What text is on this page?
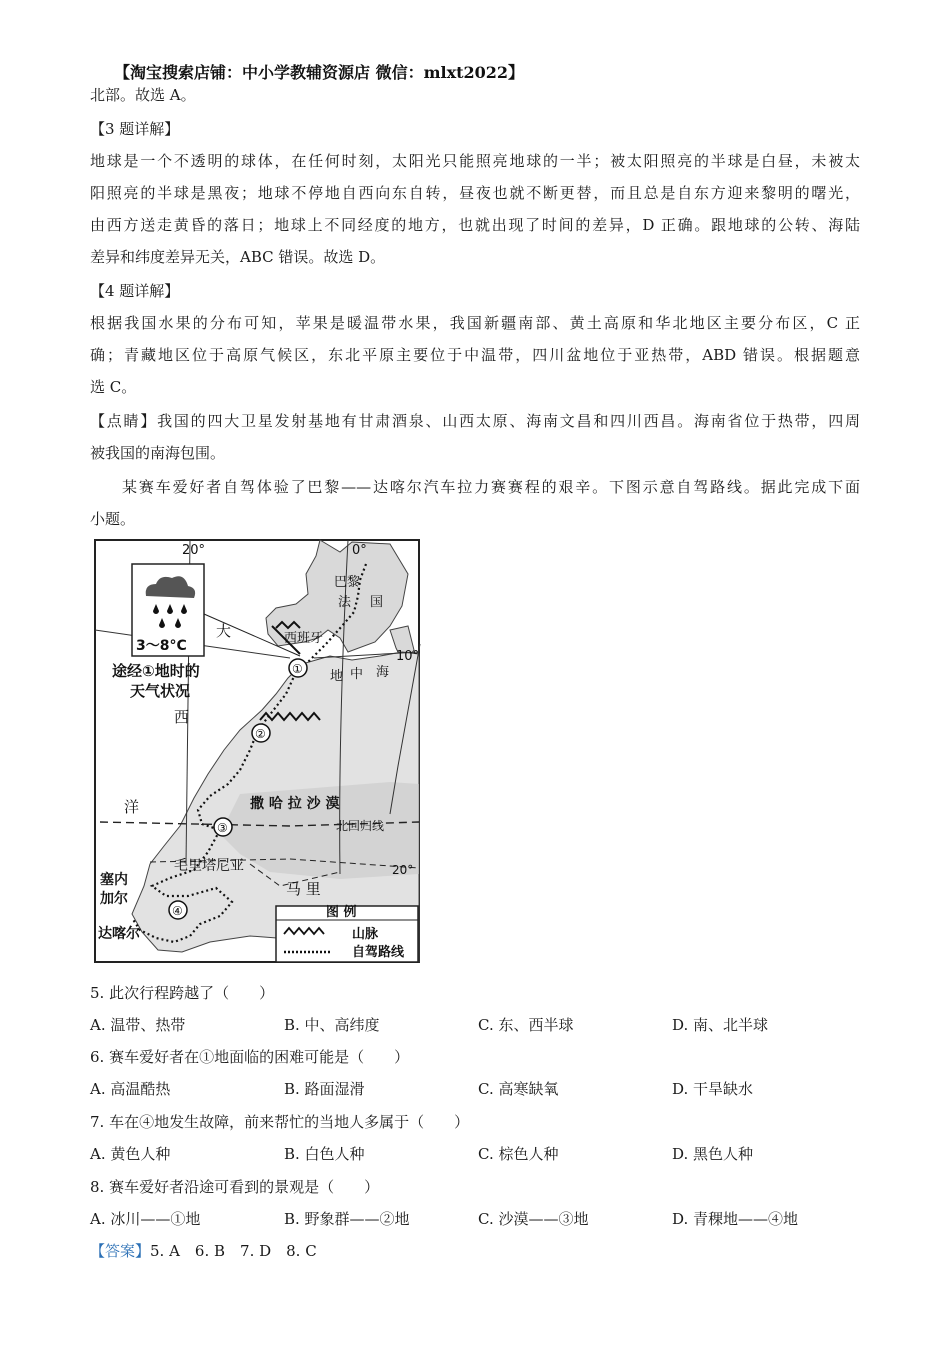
【淘宝搜索店铺：中小学教辅资源店 微信：mlxt2022】
北部。故选 A。
【3 题详解】
地球是一个不透明的球体，在任何时刻，太阳光只能照亮地球的一半；被太阳照亮的半球是白昼，未被太
阳照亮的半球是黑夜；地球不停地自西向东自转，昼夜也就不断更替，而且总是自东方迎来黎明的曙光，
由西方送走黄昏的落日；地球上不同经度的地方，也就出现了时间的差异，D 正确。跟地球的公转、海陆
差异和纬度差异无关，ABC 错误。故选 D。
【4 题详解】
根据我国水果的分布可知，苹果是暖温带水果，我国新疆南部、黄土高原和华北地区主要分布区，C 正
确；青藏地区位于高原气候区，东北平原主要位于中温带，四川盆地位于亚热带，ABD 错误。根据题意
选 C。
【点睛】我国的四大卫星发射基地有甘肃酒泉、山西太原、海南文昌和四川西昌。海南省位于热带，四周
被我国的南海包围。
某赛车爱好者自驾体验了巴黎——达喀尔汽车拉力赛赛程的艰辛。下图示意自驾路线。据此完成下面
小题。
20°	0°
10°
20°
3～8°C
途经①地时的
天气状况
巴黎
法 国
西班牙
大
西
洋
地 中 海
撒 哈 拉 沙 漠
北回归线
毛里塔尼亚
塞内
加尔
达喀尔
马 里
①
②
③
④	图 例
山脉
自驾路线
5. 此次行程跨越了（　　）
A. 温带、热带	B. 中、高纬度	C. 东、西半球	D. 南、北半球
6. 赛车爱好者在①地面临的困难可能是（　　）
A. 高温酷热	B. 路面湿滑	C. 高寒缺氧	D. 干旱缺水
7. 车在④地发生故障，前来帮忙的当地人多属于（　　）
A. 黄色人种	B. 白色人种	C. 棕色人种	D. 黑色人种
8. 赛车爱好者沿途可看到的景观是（　　）
A. 冰川——①地	B. 野象群——②地	C. 沙漠——③地	D. 青稞地——④地
【答案】5. A　6. B　7. D　8. C
